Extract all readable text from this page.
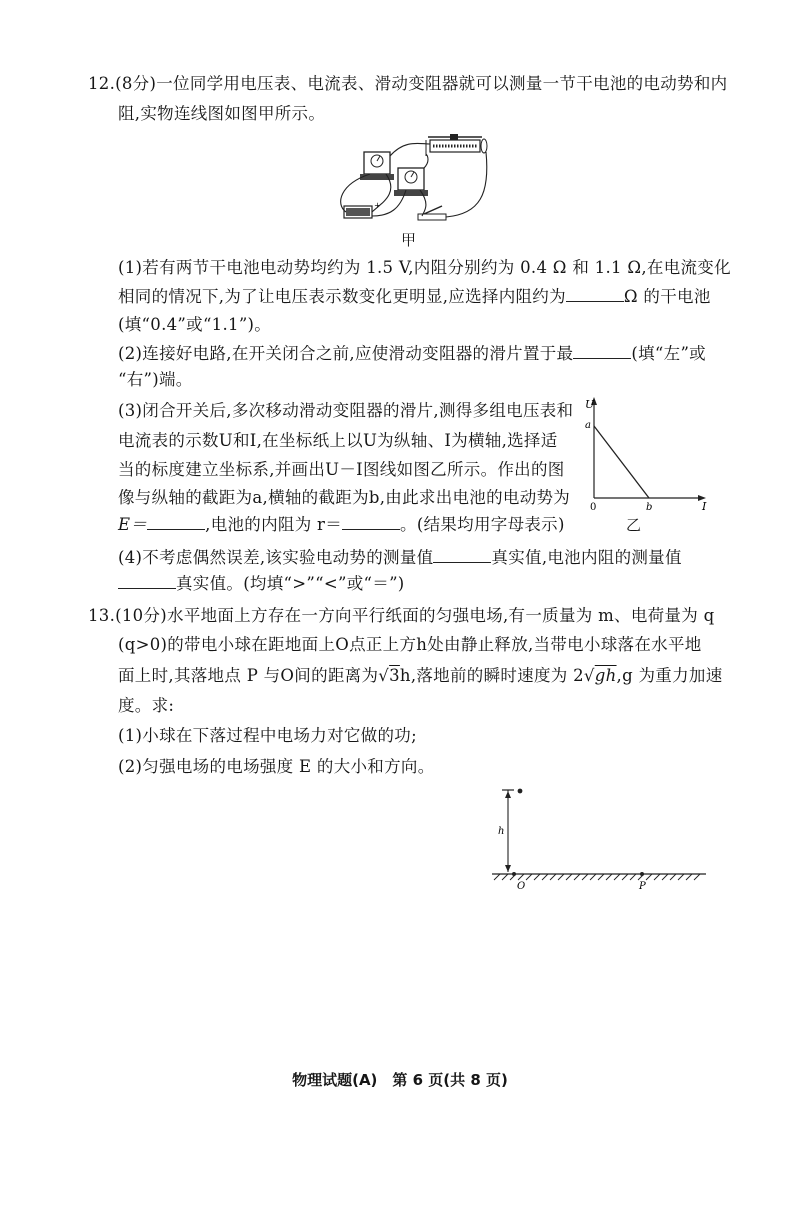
12.(8分)一位同学用电压表、电流表、滑动变阻器就可以测量一节干电池的电动势和内
阻,实物连线图如图甲所示。
+
甲
(1)若有两节干电池电动势均约为 1.5 V,内阻分别约为 0.4 Ω 和 1.1 Ω,在电流变化
相同的情况下,为了让电压表示数变化更明显,应选择内阻约为	Ω 的干电池
(填“0.4”或“1.1”)。
(2)连接好电路,在开关闭合之前,应使滑动变阻器的滑片置于最	(填“左”或
“右”)端。
(3)闭合开关后,多次移动滑动变阻器的滑片,测得多组电压表和
电流表的示数U和I,在坐标纸上以U为纵轴、I为横轴,选择适
当的标度建立坐标系,并画出U－I图线如图乙所示。作出的图
像与纵轴的截距为a,横轴的截距为b,由此求出电池的电动势为
E＝	,电池的内阻为 r＝	。(结果均用字母表示)
U
a
0	b	I
乙
(4)不考虑偶然误差,该实验电动势的测量值	真实值,电池内阻的测量值
真实值。(均填“>”“<”或“＝”)
13.(10分)水平地面上方存在一方向平行纸面的匀强电场,有一质量为 m、电荷量为 q
(q>0)的带电小球在距地面上O点正上方h处由静止释放,当带电小球落在水平地
面上时,其落地点 P 与O间的距离为√3h,落地前的瞬时速度为 2√gh,g 为重力加速
度。求:
(1)小球在下落过程中电场力对它做的功;
(2)匀强电场的电场强度 E 的大小和方向。
h
O	P
物理试题(A)　第 6 页(共 8 页)
